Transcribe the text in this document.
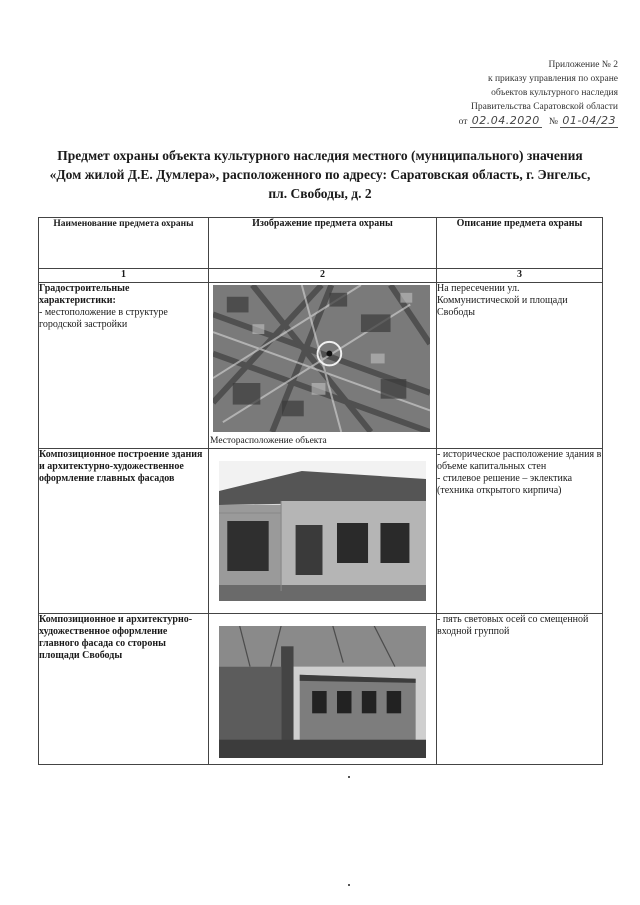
Приложение № 2
к приказу управления по охране
объектов культурного наследия
Правительства Саратовской области
от 02.04.2020 № 01-04/23
Предмет охраны объекта культурного наследия местного (муниципального) значения «Дом жилой Д.Е. Думлера», расположенного по адресу: Саратовская область, г. Энгельс, пл. Свободы, д. 2
Наименование предмета охраны	Изображение предмета охраны	Описание предмета охраны
1	2	3

Градостроительные характеристики:
- местоположение в структуре городской застройки	Месторасположение объекта	На пересечении ул. Коммунистической и площади Свободы

Композиционное построение здания и архитектурно-художественное оформление главных фасадов		- историческое расположение здания в объеме капитальных стен
- стилевое решение – эклектика (техника открытого кирпича)

Композиционное и архитектурно-художественное оформление главного фасада со стороны площади Свободы		- пять световых осей со смещенной входной группой
